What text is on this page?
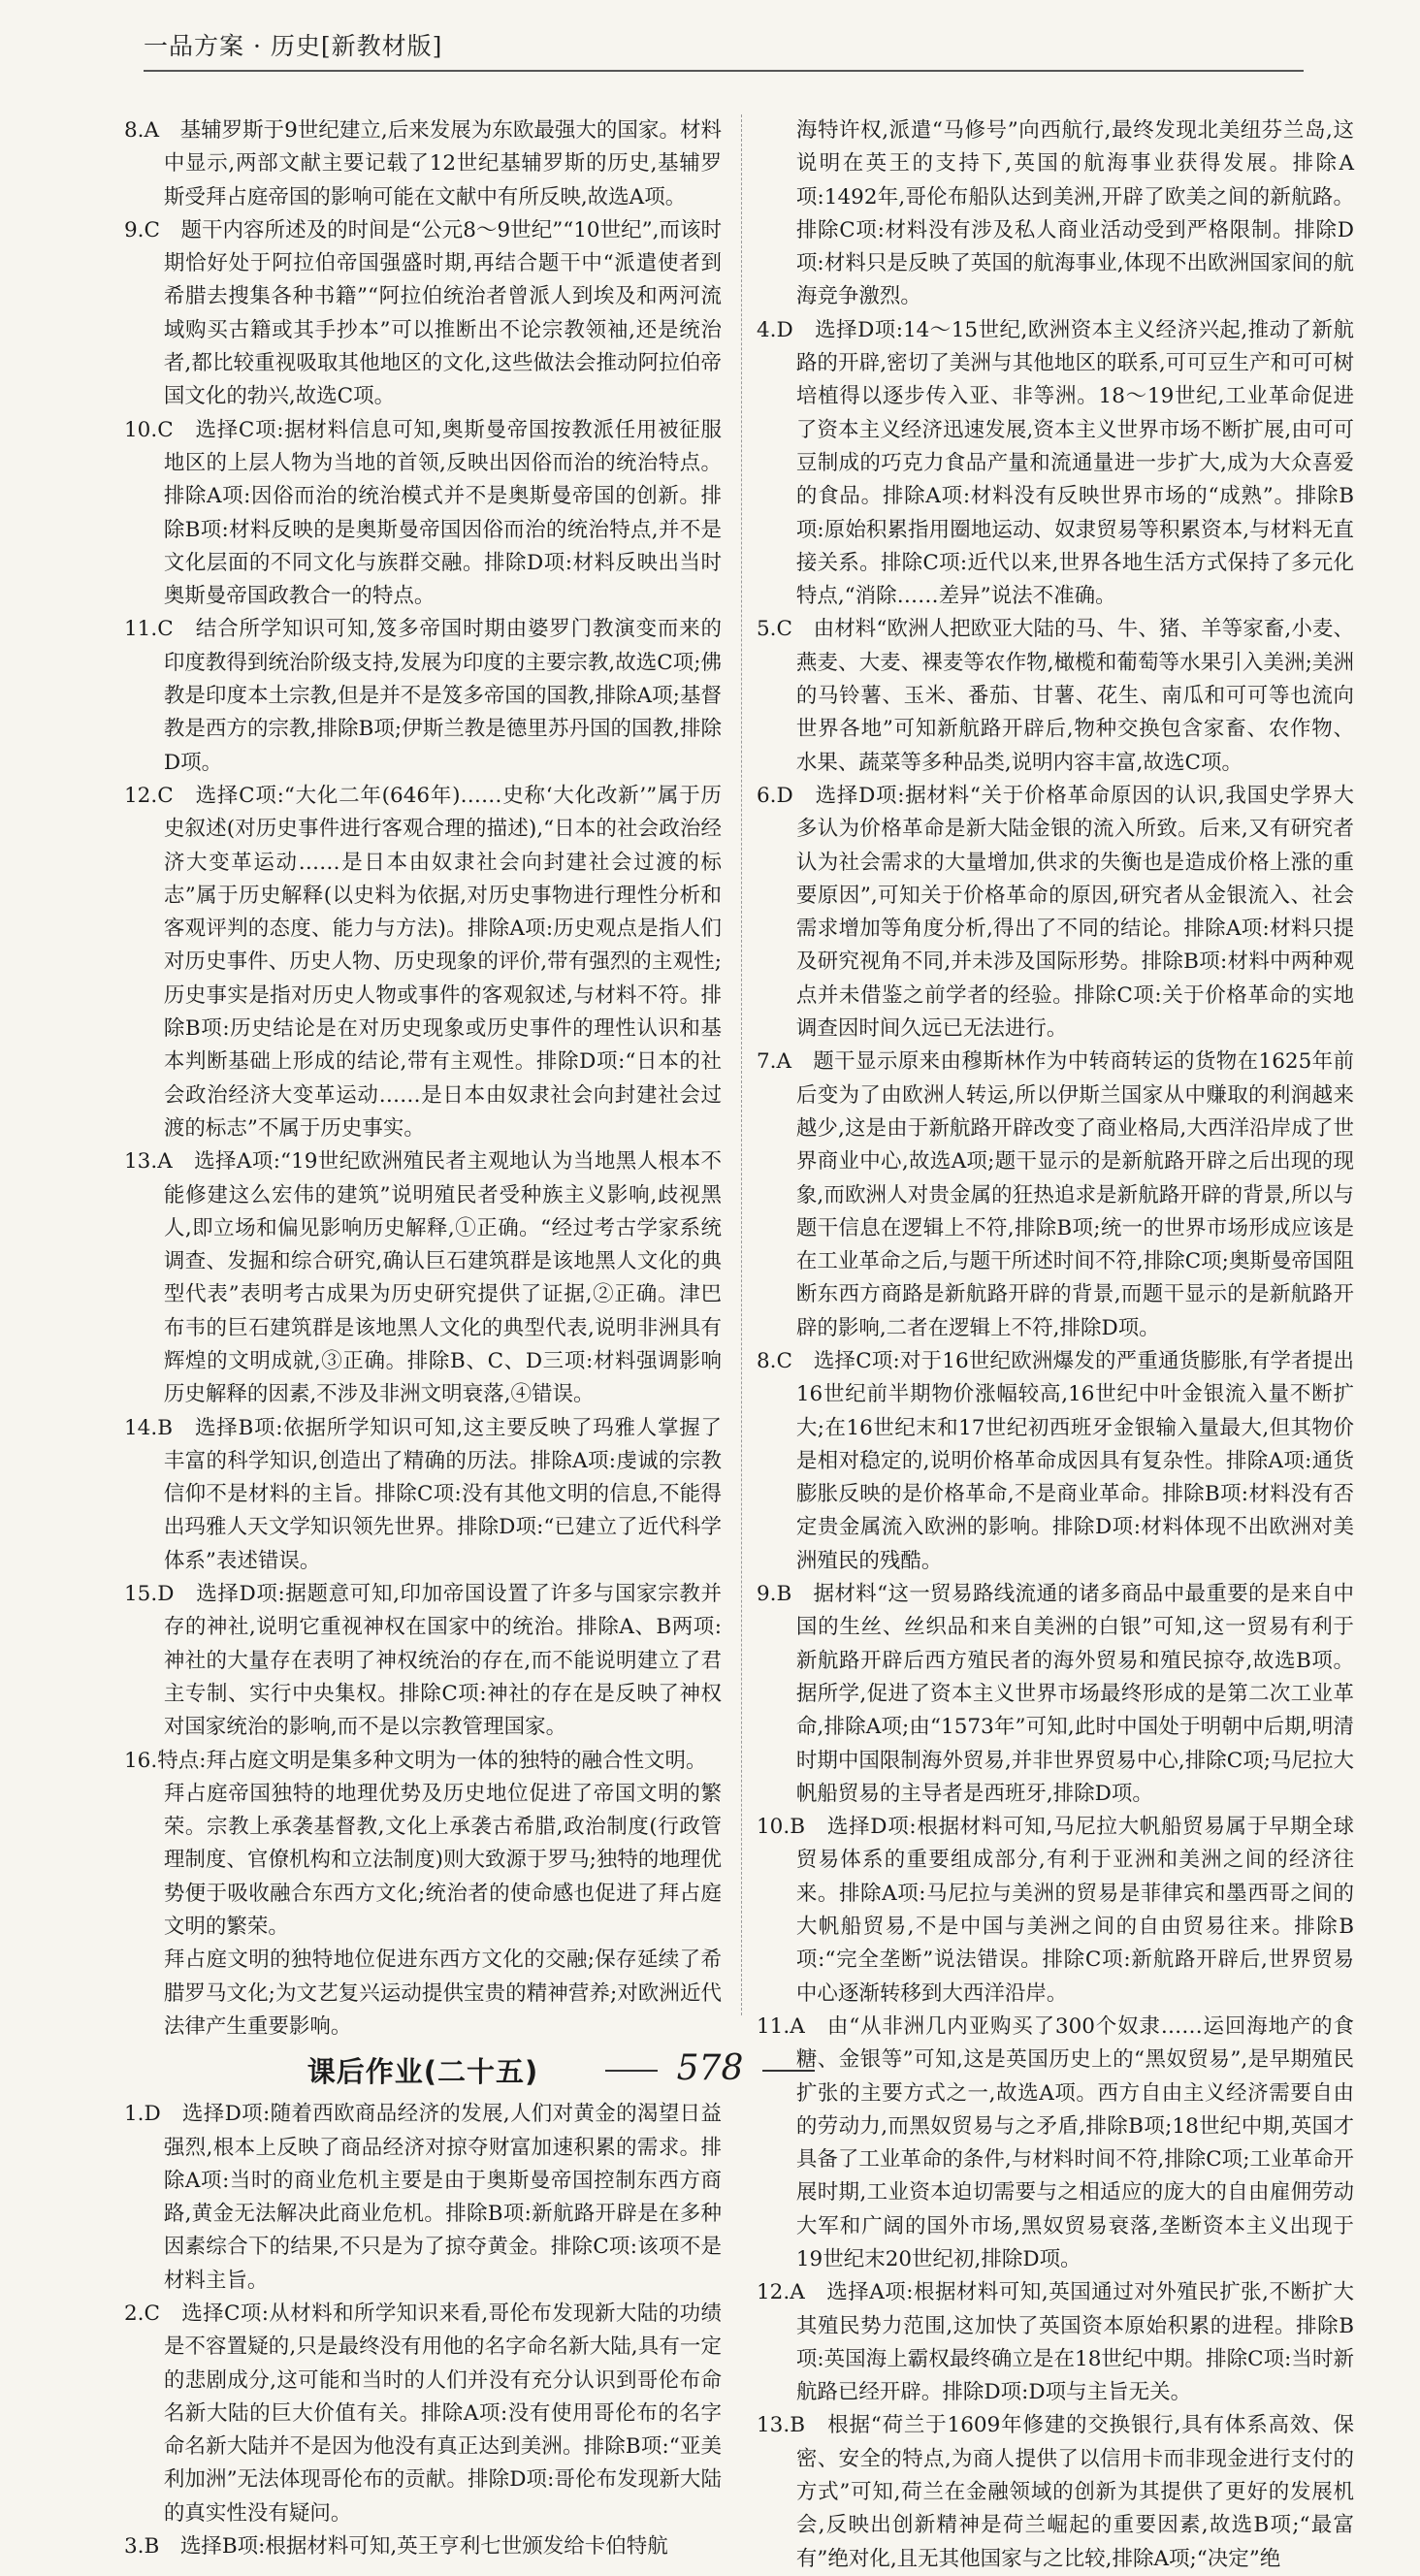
一品方案 · 历史[新教材版]

8.A　基辅罗斯于9世纪建立,后来发展为东欧最强大的国家。材料中显示,两部文献主要记载了12世纪基辅罗斯的历史,基辅罗斯受拜占庭帝国的影响可能在文献中有所反映,故选A项。

9.C　题干内容所述及的时间是“公元8～9世纪”“10世纪”,而该时期恰好处于阿拉伯帝国强盛时期,再结合题干中“派遣使者到希腊去搜集各种书籍”“阿拉伯统治者曾派人到埃及和两河流域购买古籍或其手抄本”可以推断出不论宗教领袖,还是统治者,都比较重视吸取其他地区的文化,这些做法会推动阿拉伯帝国文化的勃兴,故选C项。

10.C　选择C项:据材料信息可知,奥斯曼帝国按教派任用被征服地区的上层人物为当地的首领,反映出因俗而治的统治特点。排除A项:因俗而治的统治模式并不是奥斯曼帝国的创新。排除B项:材料反映的是奥斯曼帝国因俗而治的统治特点,并不是文化层面的不同文化与族群交融。排除D项:材料反映出当时奥斯曼帝国政教合一的特点。

11.C　结合所学知识可知,笈多帝国时期由婆罗门教演变而来的印度教得到统治阶级支持,发展为印度的主要宗教,故选C项;佛教是印度本土宗教,但是并不是笈多帝国的国教,排除A项;基督教是西方的宗教,排除B项;伊斯兰教是德里苏丹国的国教,排除D项。

12.C　选择C项:“大化二年(646年)……史称‘大化改新’”属于历史叙述(对历史事件进行客观合理的描述),“日本的社会政治经济大变革运动……是日本由奴隶社会向封建社会过渡的标志”属于历史解释(以史料为依据,对历史事物进行理性分析和客观评判的态度、能力与方法)。排除A项:历史观点是指人们对历史事件、历史人物、历史现象的评价,带有强烈的主观性;历史事实是指对历史人物或事件的客观叙述,与材料不符。排除B项:历史结论是在对历史现象或历史事件的理性认识和基本判断基础上形成的结论,带有主观性。排除D项:“日本的社会政治经济大变革运动……是日本由奴隶社会向封建社会过渡的标志”不属于历史事实。

13.A　选择A项:“19世纪欧洲殖民者主观地认为当地黑人根本不能修建这么宏伟的建筑”说明殖民者受种族主义影响,歧视黑人,即立场和偏见影响历史解释,①正确。“经过考古学家系统调查、发掘和综合研究,确认巨石建筑群是该地黑人文化的典型代表”表明考古成果为历史研究提供了证据,②正确。津巴布韦的巨石建筑群是该地黑人文化的典型代表,说明非洲具有辉煌的文明成就,③正确。排除B、C、D三项:材料强调影响历史解释的因素,不涉及非洲文明衰落,④错误。

14.B　选择B项:依据所学知识可知,这主要反映了玛雅人掌握了丰富的科学知识,创造出了精确的历法。排除A项:虔诚的宗教信仰不是材料的主旨。排除C项:没有其他文明的信息,不能得出玛雅人天文学知识领先世界。排除D项:“已建立了近代科学体系”表述错误。

15.D　选择D项:据题意可知,印加帝国设置了许多与国家宗教并存的神社,说明它重视神权在国家中的统治。排除A、B两项:神社的大量存在表明了神权统治的存在,而不能说明建立了君主专制、实行中央集权。排除C项:神社的存在是反映了神权对国家统治的影响,而不是以宗教管理国家。

16.特点:拜占庭文明是集多种文明为一体的独特的融合性文明。

拜占庭帝国独特的地理优势及历史地位促进了帝国文明的繁荣。宗教上承袭基督教,文化上承袭古希腊,政治制度(行政管理制度、官僚机构和立法制度)则大致源于罗马;独特的地理优势便于吸收融合东西方文化;统治者的使命感也促进了拜占庭文明的繁荣。

拜占庭文明的独特地位促进东西方文化的交融;保存延续了希腊罗马文化;为文艺复兴运动提供宝贵的精神营养;对欧洲近代法律产生重要影响。

课后作业(二十五)

1.D　选择D项:随着西欧商品经济的发展,人们对黄金的渴望日益强烈,根本上反映了商品经济对掠夺财富加速积累的需求。排除A项:当时的商业危机主要是由于奥斯曼帝国控制东西方商路,黄金无法解决此商业危机。排除B项:新航路开辟是在多种因素综合下的结果,不只是为了掠夺黄金。排除C项:该项不是材料主旨。

2.C　选择C项:从材料和所学知识来看,哥伦布发现新大陆的功绩是不容置疑的,只是最终没有用他的名字命名新大陆,具有一定的悲剧成分,这可能和当时的人们并没有充分认识到哥伦布命名新大陆的巨大价值有关。排除A项:没有使用哥伦布的名字命名新大陆并不是因为他没有真正达到美洲。排除B项:“亚美利加洲”无法体现哥伦布的贡献。排除D项:哥伦布发现新大陆的真实性没有疑问。

3.B　选择B项:根据材料可知,英王亨利七世颁发给卡伯特航

海特许权,派遣“马修号”向西航行,最终发现北美纽芬兰岛,这说明在英王的支持下,英国的航海事业获得发展。排除A项:1492年,哥伦布船队达到美洲,开辟了欧美之间的新航路。排除C项:材料没有涉及私人商业活动受到严格限制。排除D项:材料只是反映了英国的航海事业,体现不出欧洲国家间的航海竞争激烈。

4.D　选择D项:14～15世纪,欧洲资本主义经济兴起,推动了新航路的开辟,密切了美洲与其他地区的联系,可可豆生产和可可树培植得以逐步传入亚、非等洲。18～19世纪,工业革命促进了资本主义经济迅速发展,资本主义世界市场不断扩展,由可可豆制成的巧克力食品产量和流通量进一步扩大,成为大众喜爱的食品。排除A项:材料没有反映世界市场的“成熟”。排除B项:原始积累指用圈地运动、奴隶贸易等积累资本,与材料无直接关系。排除C项:近代以来,世界各地生活方式保持了多元化特点,“消除……差异”说法不准确。

5.C　由材料“欧洲人把欧亚大陆的马、牛、猪、羊等家畜,小麦、燕麦、大麦、裸麦等农作物,橄榄和葡萄等水果引入美洲;美洲的马铃薯、玉米、番茄、甘薯、花生、南瓜和可可等也流向世界各地”可知新航路开辟后,物种交换包含家畜、农作物、水果、蔬菜等多种品类,说明内容丰富,故选C项。

6.D　选择D项:据材料“关于价格革命原因的认识,我国史学界大多认为价格革命是新大陆金银的流入所致。后来,又有研究者认为社会需求的大量增加,供求的失衡也是造成价格上涨的重要原因”,可知关于价格革命的原因,研究者从金银流入、社会需求增加等角度分析,得出了不同的结论。排除A项:材料只提及研究视角不同,并未涉及国际形势。排除B项:材料中两种观点并未借鉴之前学者的经验。排除C项:关于价格革命的实地调查因时间久远已无法进行。

7.A　题干显示原来由穆斯林作为中转商转运的货物在1625年前后变为了由欧洲人转运,所以伊斯兰国家从中赚取的利润越来越少,这是由于新航路开辟改变了商业格局,大西洋沿岸成了世界商业中心,故选A项;题干显示的是新航路开辟之后出现的现象,而欧洲人对贵金属的狂热追求是新航路开辟的背景,所以与题干信息在逻辑上不符,排除B项;统一的世界市场形成应该是在工业革命之后,与题干所述时间不符,排除C项;奥斯曼帝国阻断东西方商路是新航路开辟的背景,而题干显示的是新航路开辟的影响,二者在逻辑上不符,排除D项。

8.C　选择C项:对于16世纪欧洲爆发的严重通货膨胀,有学者提出16世纪前半期物价涨幅较高,16世纪中叶金银流入量不断扩大;在16世纪末和17世纪初西班牙金银输入量最大,但其物价是相对稳定的,说明价格革命成因具有复杂性。排除A项:通货膨胀反映的是价格革命,不是商业革命。排除B项:材料没有否定贵金属流入欧洲的影响。排除D项:材料体现不出欧洲对美洲殖民的残酷。

9.B　据材料“这一贸易路线流通的诸多商品中最重要的是来自中国的生丝、丝织品和来自美洲的白银”可知,这一贸易有利于新航路开辟后西方殖民者的海外贸易和殖民掠夺,故选B项。据所学,促进了资本主义世界市场最终形成的是第二次工业革命,排除A项;由“1573年”可知,此时中国处于明朝中后期,明清时期中国限制海外贸易,并非世界贸易中心,排除C项;马尼拉大帆船贸易的主导者是西班牙,排除D项。

10.B　选择D项:根据材料可知,马尼拉大帆船贸易属于早期全球贸易体系的重要组成部分,有利于亚洲和美洲之间的经济往来。排除A项:马尼拉与美洲的贸易是菲律宾和墨西哥之间的大帆船贸易,不是中国与美洲之间的自由贸易往来。排除B项:“完全垄断”说法错误。排除C项:新航路开辟后,世界贸易中心逐渐转移到大西洋沿岸。

11.A　由“从非洲几内亚购买了300个奴隶……运回海地产的食糖、金银等”可知,这是英国历史上的“黑奴贸易”,是早期殖民扩张的主要方式之一,故选A项。西方自由主义经济需要自由的劳动力,而黑奴贸易与之矛盾,排除B项;18世纪中期,英国才具备了工业革命的条件,与材料时间不符,排除C项;工业革命开展时期,工业资本迫切需要与之相适应的庞大的自由雇佣劳动大军和广阔的国外市场,黑奴贸易衰落,垄断资本主义出现于19世纪末20世纪初,排除D项。

12.A　选择A项:根据材料可知,英国通过对外殖民扩张,不断扩大其殖民势力范围,这加快了英国资本原始积累的进程。排除B项:英国海上霸权最终确立是在18世纪中期。排除C项:当时新航路已经开辟。排除D项:D项与主旨无关。

13.B　根据“荷兰于1609年修建的交换银行,具有体系高效、保密、安全的特点,为商人提供了以信用卡而非现金进行支付的方式”可知,荷兰在金融领域的创新为其提供了更好的发展机会,反映出创新精神是荷兰崛起的重要因素,故选B项;“最富有”绝对化,且无其他国家与之比较,排除A项;“决定”绝

578
